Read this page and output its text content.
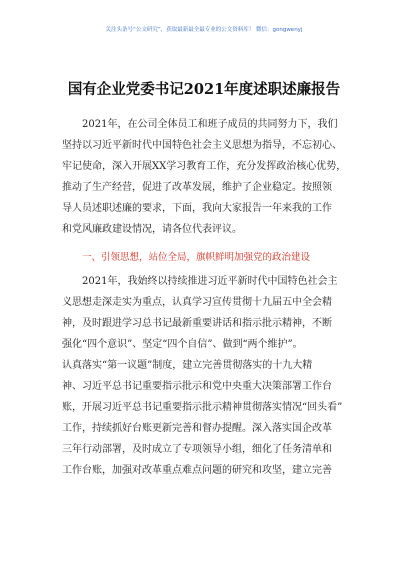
关注头条号“公文研究”，获取最新最全最专业的公文资料库！ 微信：gongwenyj
国有企业党委书记2021年度述职述廉报告
2021年，在公司全体员工和班子成员的共同努力下，我们
坚持以习近平新时代中国特色社会主义思想为指导，不忘初心、
牢记使命，深入开展XX学习教育工作，充分发挥政治核心优势，
推动了生产经营，促进了改革发展，维护了企业稳定。按照领
导人员述职述廉的要求，下面，我向大家报告一年来我的工作
和党风廉政建设情况，请各位代表评议。
一、引领思想，站位全局，旗帜鲜明加强党的政治建设
2021年，我始终以持续推进习近平新时代中国特色社会主
义思想走深走实为重点，认真学习宣传贯彻十九届五中全会精
神，及时跟进学习总书记最新重要讲话和指示批示精神，不断
强化“四个意识”、坚定“四个自信”、做到“两个维护”。
认真落实“第一议题”制度，建立完善贯彻落实的十九大精
神、习近平总书记重要指示批示和党中央重大决策部署工作台
账，开展习近平总书记重要指示批示精神贯彻落实情况“回头看”
工作，持续抓好台账更新完善和督办提醒。深入落实国企改革
三年行动部署，及时成立了专项领导小组，细化了任务清单和
工作台账，加强对改革重点难点问题的研究和攻坚，建立完善
